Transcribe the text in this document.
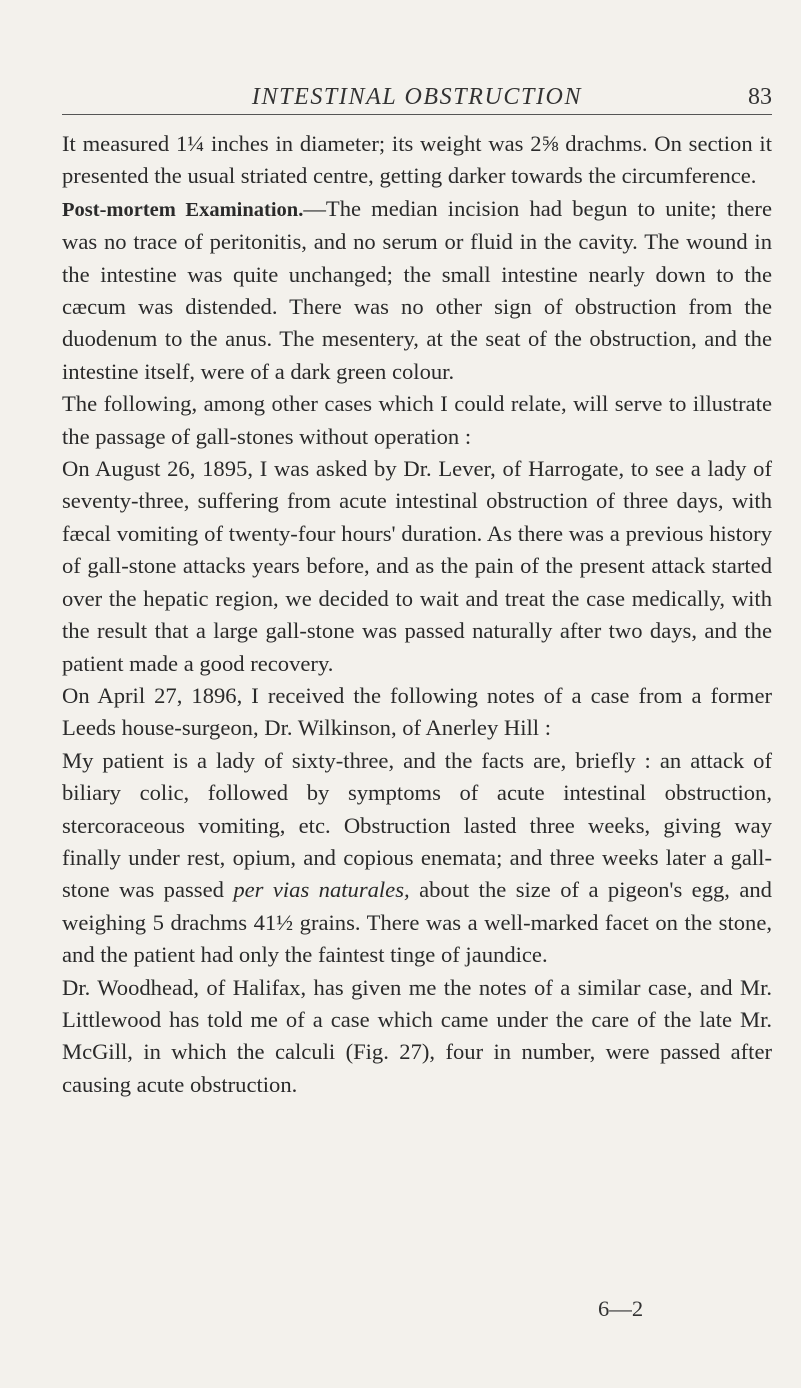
INTESTINAL OBSTRUCTION	83

It measured 1¼ inches in diameter; its weight was 2⅝ drachms. On section it presented the usual striated centre, getting darker towards the circumference.

Post-mortem Examination.—The median incision had begun to unite; there was no trace of peritonitis, and no serum or fluid in the cavity. The wound in the intestine was quite unchanged; the small intestine nearly down to the cæcum was distended. There was no other sign of obstruction from the duodenum to the anus. The mesentery, at the seat of the obstruction, and the intestine itself, were of a dark green colour.

The following, among other cases which I could relate, will serve to illustrate the passage of gall-stones without operation :

On August 26, 1895, I was asked by Dr. Lever, of Harrogate, to see a lady of seventy-three, suffering from acute intestinal obstruction of three days, with fæcal vomiting of twenty-four hours' duration. As there was a previous history of gall-stone attacks years before, and as the pain of the present attack started over the hepatic region, we decided to wait and treat the case medically, with the result that a large gall-stone was passed naturally after two days, and the patient made a good recovery.

On April 27, 1896, I received the following notes of a case from a former Leeds house-surgeon, Dr. Wilkinson, of Anerley Hill :

My patient is a lady of sixty-three, and the facts are, briefly : an attack of biliary colic, followed by symptoms of acute intestinal obstruction, stercoraceous vomiting, etc. Obstruction lasted three weeks, giving way finally under rest, opium, and copious enemata; and three weeks later a gall-stone was passed per vias naturales, about the size of a pigeon's egg, and weighing 5 drachms 41½ grains. There was a well-marked facet on the stone, and the patient had only the faintest tinge of jaundice.

Dr. Woodhead, of Halifax, has given me the notes of a similar case, and Mr. Littlewood has told me of a case which came under the care of the late Mr. McGill, in which the calculi (Fig. 27), four in number, were passed after causing acute obstruction.

6—2
